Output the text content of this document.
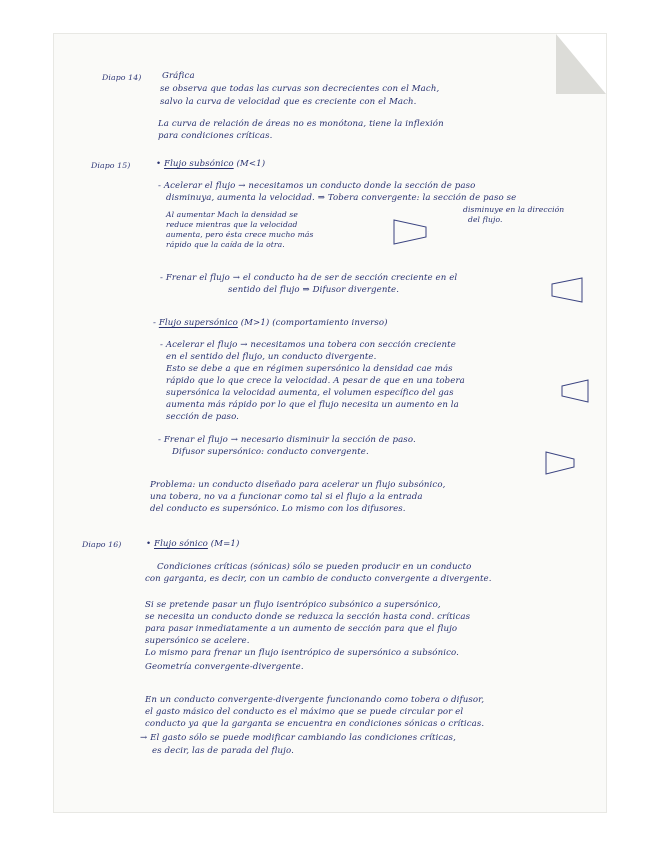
Diapo 14) Gráfica
se observa que todas las curvas son decrecientes con el Mach,
salvo la curva de velocidad que es creciente con el Mach.
La curva de relación de áreas no es monótona, tiene la inflexión
para condiciones críticas.
Diapo 15)	• Flujo subsónico (M<1)
- Acelerar el flujo → necesitamos un conducto donde la sección de paso
disminuya, aumenta la velocidad. ⇒ Tobera convergente: la sección de paso se
disminuye en la dirección
del flujo.
Al aumentar Mach la densidad se
reduce mientras que la velocidad
aumenta, pero ésta crece mucho más
rápido que la caída de la otra.
- Frenar el flujo → el conducto ha de ser de sección creciente en el
sentido del flujo ⇒ Difusor divergente.
- Flujo supersónico (M>1) (comportamiento inverso)
- Acelerar el flujo → necesitamos una tobera con sección creciente
en el sentido del flujo, un conducto divergente.
Esto se debe a que en régimen supersónico la densidad cae más
rápido que lo que crece la velocidad. A pesar de que en una tobera
supersónica la velocidad aumenta, el volumen específico del gas
aumenta más rápido por lo que el flujo necesita un aumento en la
sección de paso.
- Frenar el flujo → necesario disminuir la sección de paso.
Difusor supersónico: conducto convergente.
Problema: un conducto diseñado para acelerar un flujo subsónico,
una tobera, no va a funcionar como tal si el flujo a la entrada
del conducto es supersónico. Lo mismo con los difusores.
Diapo 16)	• Flujo sónico (M=1)
Condiciones críticas (sónicas) sólo se pueden producir en un conducto
con garganta, es decir, con un cambio de conducto convergente a divergente.
Si se pretende pasar un flujo isentrópico subsónico a supersónico,
se necesita un conducto donde se reduzca la sección hasta cond. críticas
para pasar inmediatamente a un aumento de sección para que el flujo
supersónico se acelere.
Lo mismo para frenar un flujo isentrópico de supersónico a subsónico.
Geometría convergente-divergente.
En un conducto convergente-divergente funcionando como tobera o difusor,
el gasto másico del conducto es el máximo que se puede circular por el
conducto ya que la garganta se encuentra en condiciones sónicas o críticas.
→ El gasto sólo se puede modificar cambiando las condiciones críticas,
es decir, las de parada del flujo.
